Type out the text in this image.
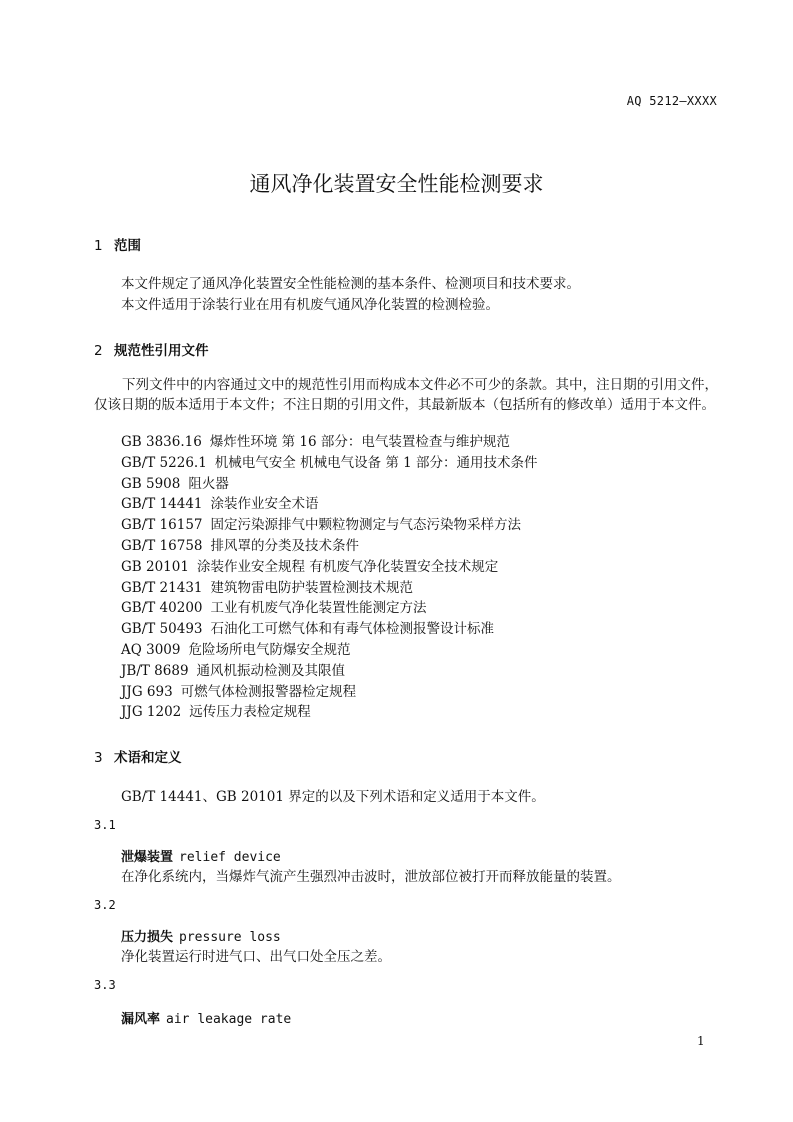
AQ 5212—XXXX
通风净化装置安全性能检测要求
1 范围
本文件规定了通风净化装置安全性能检测的基本条件、检测项目和技术要求。
本文件适用于涂装行业在用有机废气通风净化装置的检测检验。
2 规范性引用文件
下列文件中的内容通过文中的规范性引用而构成本文件必不可少的条款。其中，注日期的引用文件，仅该日期的版本适用于本文件；不注日期的引用文件，其最新版本（包括所有的修改单）适用于本文件。
GB 3836.16 爆炸性环境 第 16 部分：电气装置检查与维护规范
GB/T 5226.1 机械电气安全 机械电气设备 第 1 部分：通用技术条件
GB 5908 阻火器
GB/T 14441 涂装作业安全术语
GB/T 16157 固定污染源排气中颗粒物测定与气态污染物采样方法
GB/T 16758 排风罩的分类及技术条件
GB 20101 涂装作业安全规程 有机废气净化装置安全技术规定
GB/T 21431 建筑物雷电防护装置检测技术规范
GB/T 40200 工业有机废气净化装置性能测定方法
GB/T 50493 石油化工可燃气体和有毒气体检测报警设计标准
AQ 3009 危险场所电气防爆安全规范
JB/T 8689 通风机振动检测及其限值
JJG 693 可燃气体检测报警器检定规程
JJG 1202 远传压力表检定规程
3 术语和定义
GB/T 14441、GB 20101 界定的以及下列术语和定义适用于本文件。
3.1
泄爆装置 relief device
在净化系统内，当爆炸气流产生强烈冲击波时，泄放部位被打开而释放能量的装置。
3.2
压力损失 pressure loss
净化装置运行时进气口、出气口处全压之差。
3.3
漏风率 air leakage rate
1
